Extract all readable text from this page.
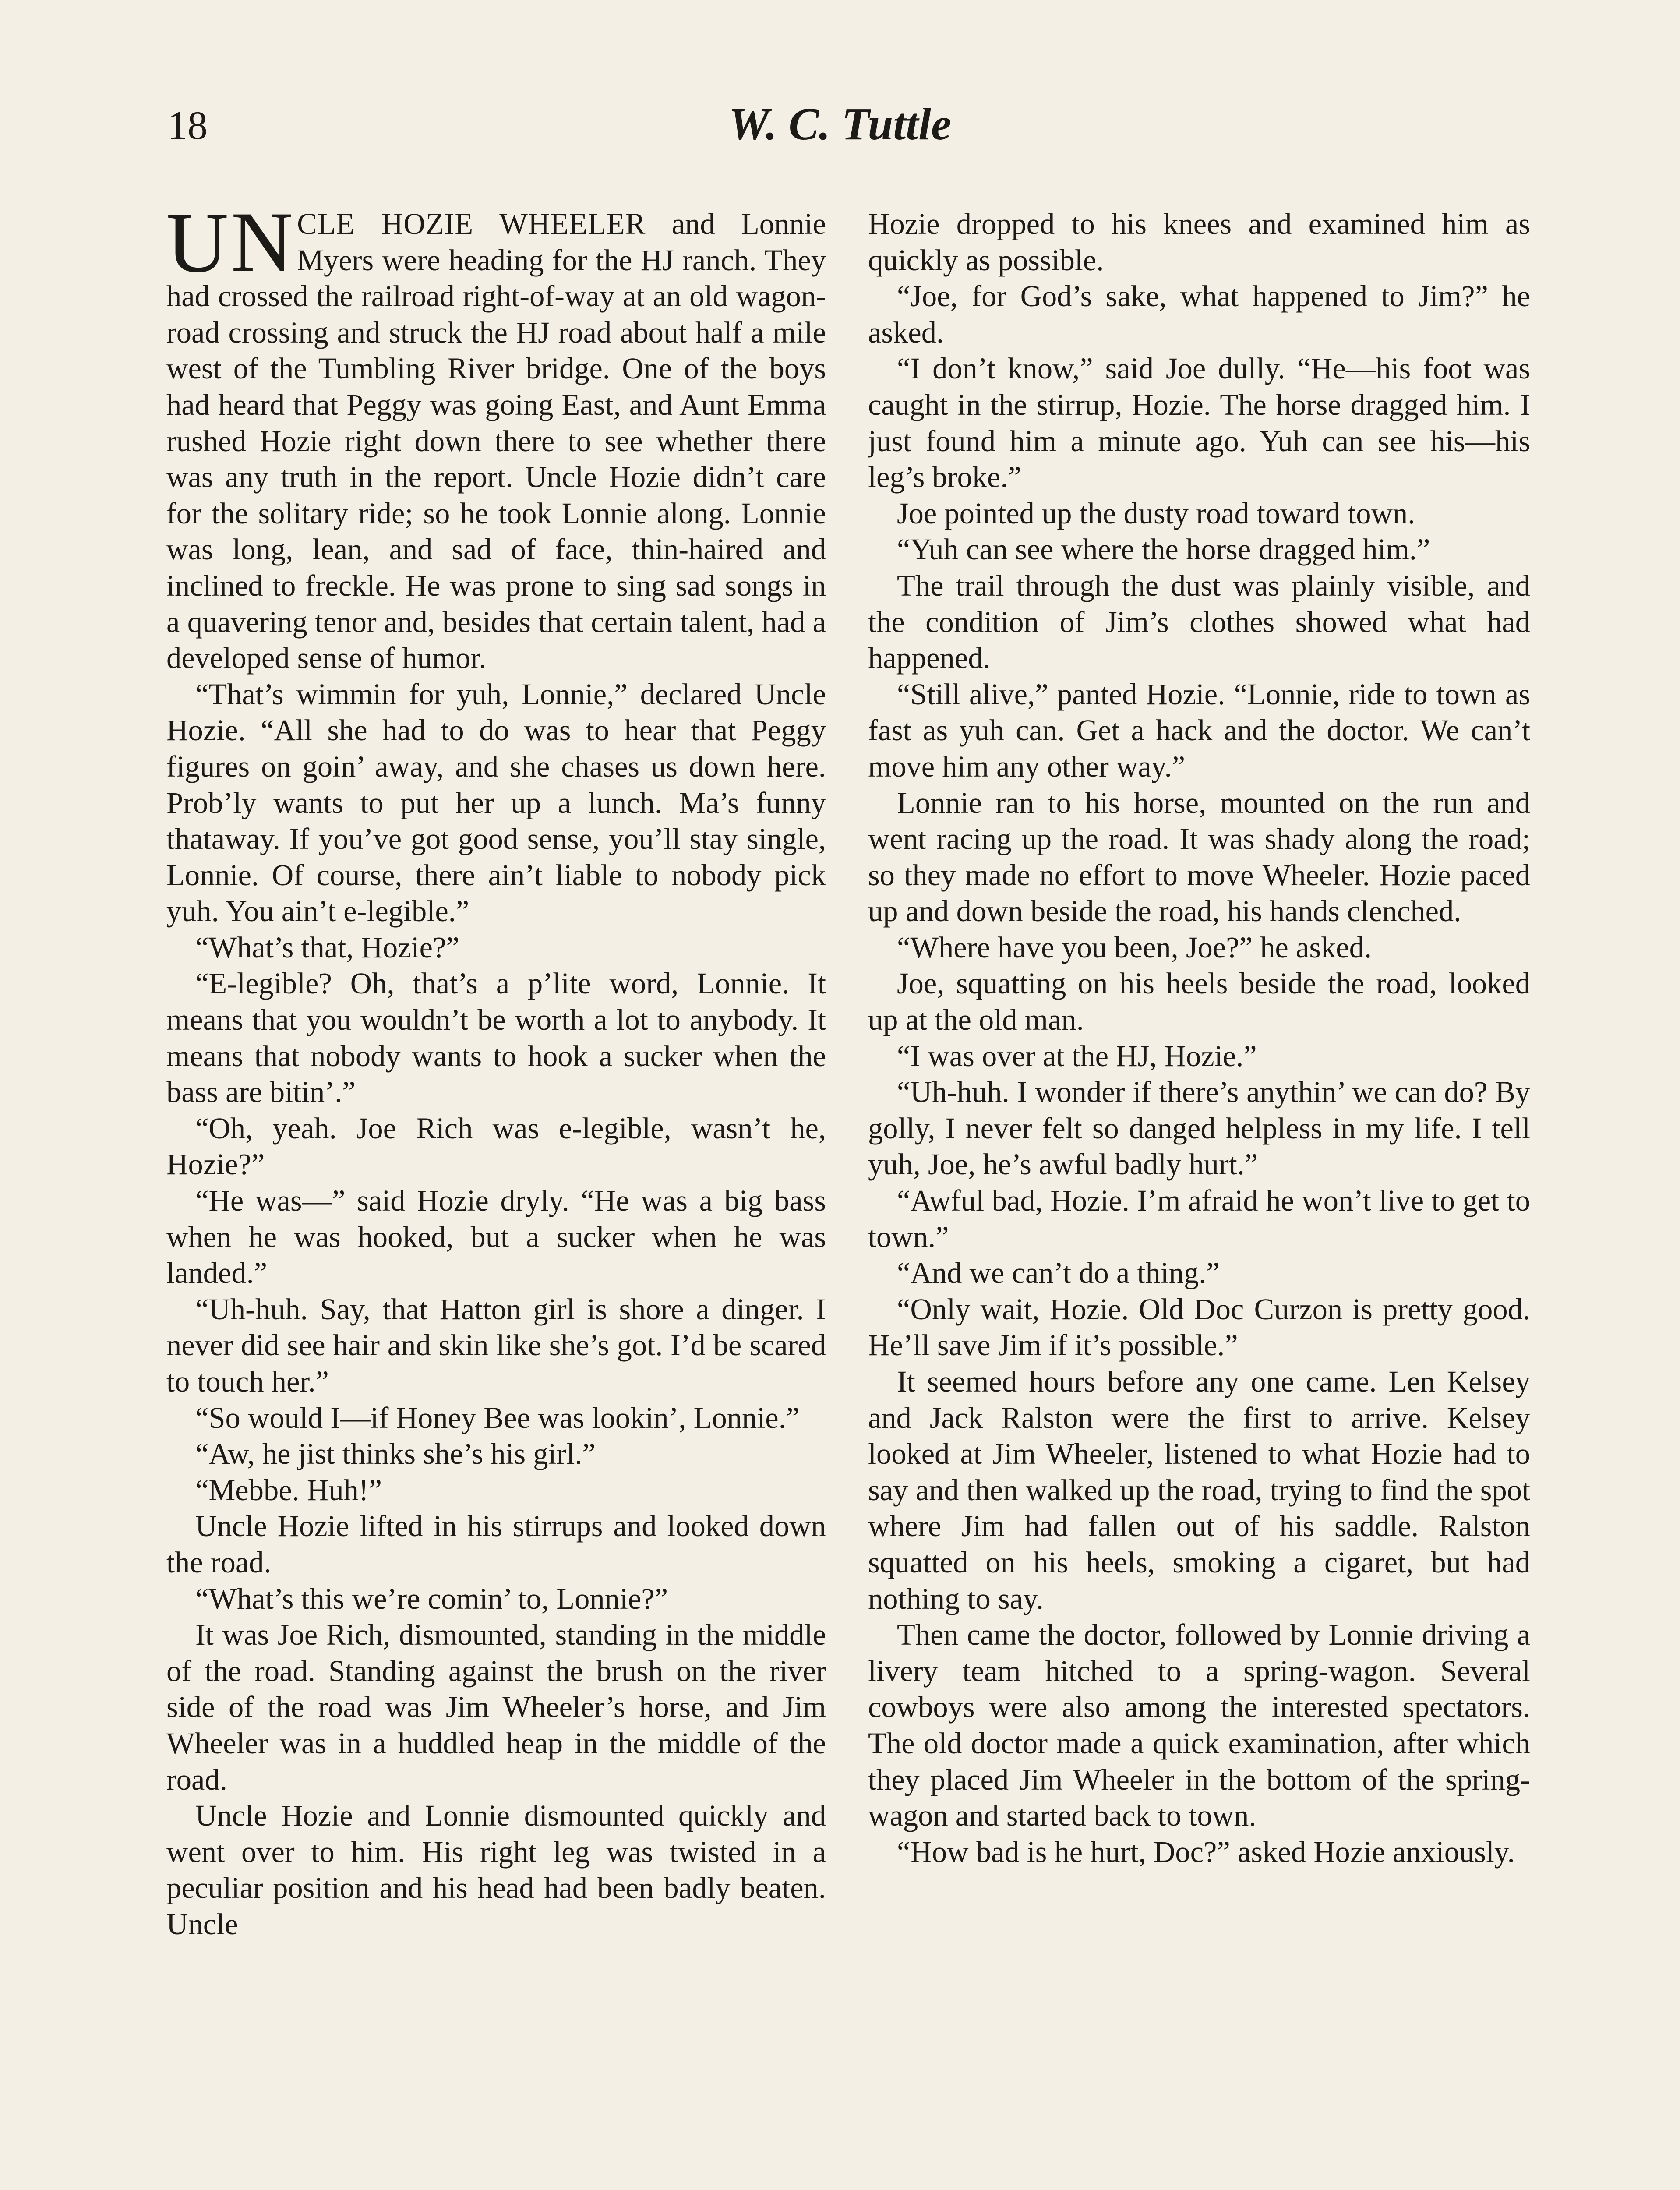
18	W. C. Tuttle

UNCLE HOZIE WHEELER and Lonnie Myers were heading for the HJ ranch. They had crossed the railroad right-of-way at an old wagon-road crossing and struck the HJ road about half a mile west of the Tumbling River bridge. One of the boys had heard that Peggy was going East, and Aunt Emma rushed Hozie right down there to see whether there was any truth in the report. Uncle Hozie didn’t care for the solitary ride; so he took Lonnie along. Lonnie was long, lean, and sad of face, thin-haired and inclined to freckle. He was prone to sing sad songs in a quavering tenor and, besides that certain talent, had a developed sense of humor.

“That’s wimmin for yuh, Lonnie,” declared Uncle Hozie. “All she had to do was to hear that Peggy figures on goin’ away, and she chases us down here. Prob’ly wants to put her up a lunch. Ma’s funny thataway. If you’ve got good sense, you’ll stay single, Lonnie. Of course, there ain’t liable to nobody pick yuh. You ain’t e-legible.”

“What’s that, Hozie?”

“E-legible? Oh, that’s a p’lite word, Lonnie. It means that you wouldn’t be worth a lot to anybody. It means that nobody wants to hook a sucker when the bass are bitin’.”

“Oh, yeah. Joe Rich was e-legible, wasn’t he, Hozie?”

“He was—” said Hozie dryly. “He was a big bass when he was hooked, but a sucker when he was landed.”

“Uh-huh. Say, that Hatton girl is shore a dinger. I never did see hair and skin like she’s got. I’d be scared to touch her.”

“So would I—if Honey Bee was lookin’, Lonnie.”

“Aw, he jist thinks she’s his girl.”

“Mebbe. Huh!”

Uncle Hozie lifted in his stirrups and looked down the road.

“What’s this we’re comin’ to, Lonnie?”

It was Joe Rich, dismounted, standing in the middle of the road. Standing against the brush on the river side of the road was Jim Wheeler’s horse, and Jim Wheeler was in a huddled heap in the middle of the road.

Uncle Hozie and Lonnie dismounted quickly and went over to him. His right leg was twisted in a peculiar position and his head had been badly beaten. Uncle

Hozie dropped to his knees and examined him as quickly as possible.

“Joe, for God’s sake, what happened to Jim?” he asked.

“I don’t know,” said Joe dully. “He—his foot was caught in the stirrup, Hozie. The horse dragged him. I just found him a minute ago. Yuh can see his—his leg’s broke.”

Joe pointed up the dusty road toward town.

“Yuh can see where the horse dragged him.”

The trail through the dust was plainly visible, and the condition of Jim’s clothes showed what had happened.

“Still alive,” panted Hozie. “Lonnie, ride to town as fast as yuh can. Get a hack and the doctor. We can’t move him any other way.”

Lonnie ran to his horse, mounted on the run and went racing up the road. It was shady along the road; so they made no effort to move Wheeler. Hozie paced up and down beside the road, his hands clenched.

“Where have you been, Joe?” he asked.

Joe, squatting on his heels beside the road, looked up at the old man.

“I was over at the HJ, Hozie.”

“Uh-huh. I wonder if there’s anythin’ we can do? By golly, I never felt so danged helpless in my life. I tell yuh, Joe, he’s awful badly hurt.”

“Awful bad, Hozie. I’m afraid he won’t live to get to town.”

“And we can’t do a thing.”

“Only wait, Hozie. Old Doc Curzon is pretty good. He’ll save Jim if it’s possible.”

It seemed hours before any one came. Len Kelsey and Jack Ralston were the first to arrive. Kelsey looked at Jim Wheeler, listened to what Hozie had to say and then walked up the road, trying to find the spot where Jim had fallen out of his saddle. Ralston squatted on his heels, smoking a cigaret, but had nothing to say.

Then came the doctor, followed by Lonnie driving a livery team hitched to a spring-wagon. Several cowboys were also among the interested spectators. The old doctor made a quick examination, after which they placed Jim Wheeler in the bottom of the spring-wagon and started back to town.

“How bad is he hurt, Doc?” asked Hozie anxiously.
